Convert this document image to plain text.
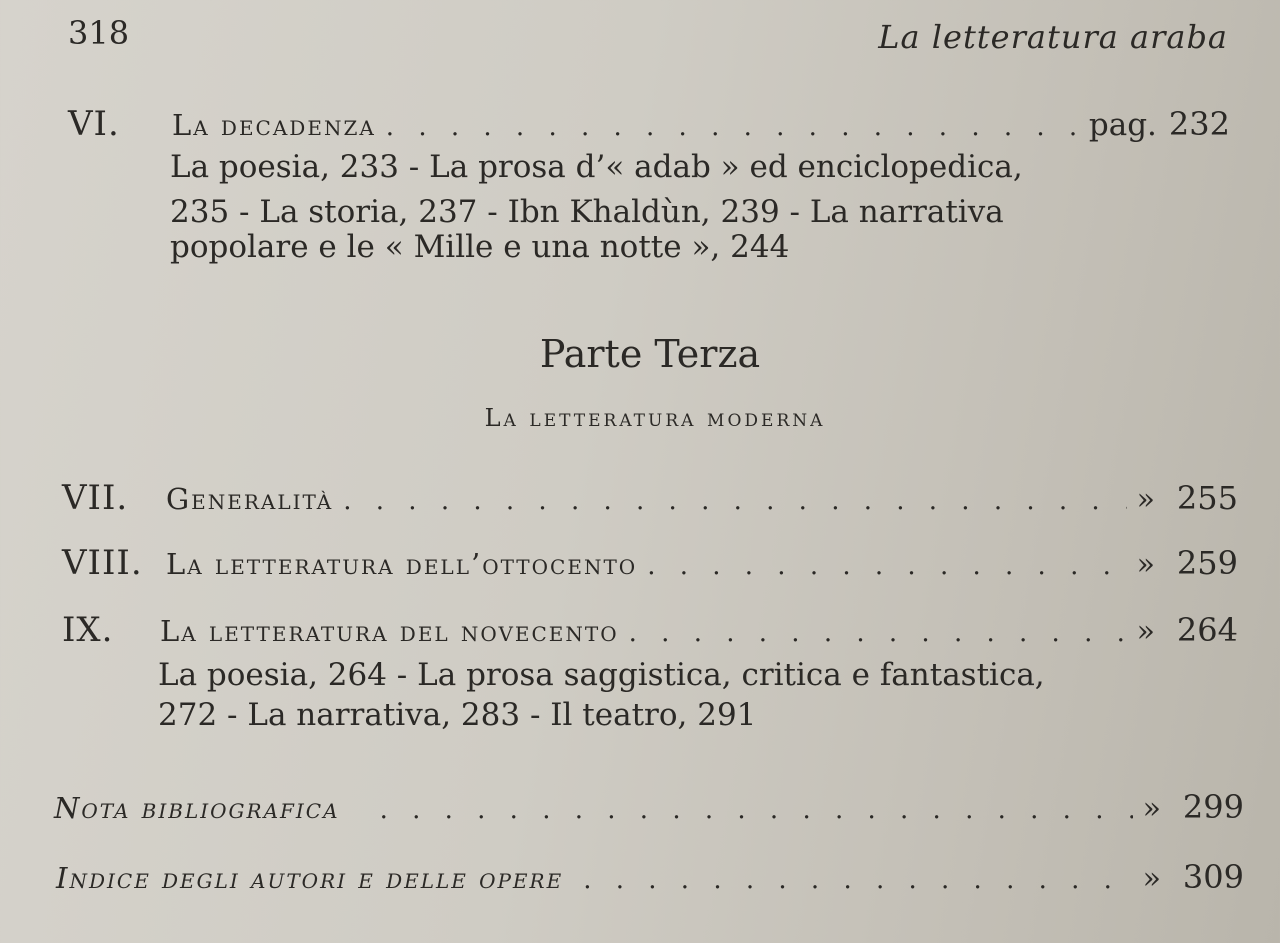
318	La letteratura araba
VI.	la decadenza . . .	pag. 232
La poesia, 233 - La prosa d’« adab » ed enciclopedica,
235 - La storia, 237 - Ibn Khaldùn, 239 - La narrativa
popolare e le « Mille e una notte », 244
Parte Terza
La letteratura moderna
VII.	generalità . . .	» 255
VIII. la letteratura dell’ottocento . . .	» 259
IX.	la letteratura del novecento . . .	» 264
La poesia, 264 - La prosa saggistica, critica e fantastica,
272 - La narrativa, 283 - Il teatro, 291
Nota bibliografica . . .	» 299
Indice degli autori e delle opere . . .	» 309
